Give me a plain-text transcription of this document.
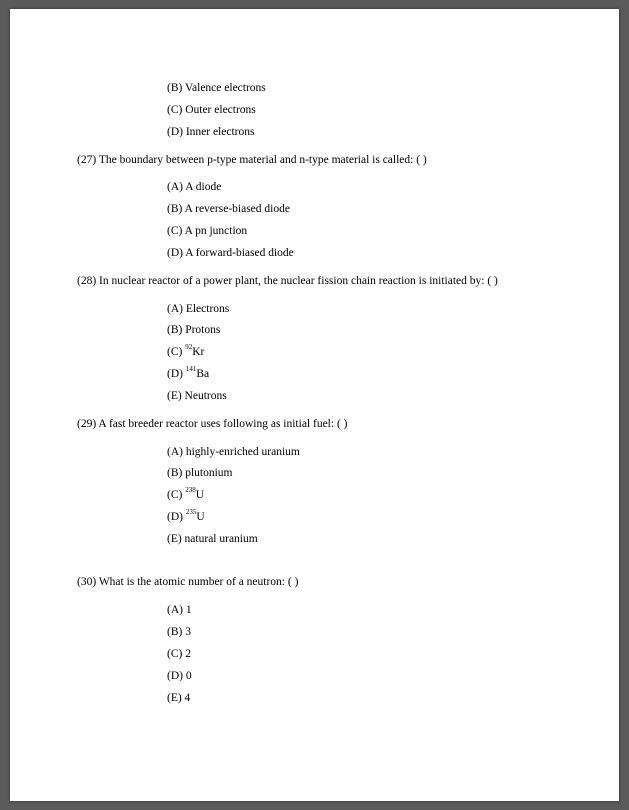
(B) Valence electrons
(C) Outer electrons
(D) Inner electrons
(27) The boundary between p-type material and n-type material is called: ( )
(A) A diode
(B) A reverse-biased diode
(C) A pn junction
(D) A forward-biased diode
(28) In nuclear reactor of a power plant, the nuclear fission chain reaction is initiated by: ( )
(A) Electrons
(B) Protons
(C) $^{92}$Kr
(D) $^{141}$Ba
(E) Neutrons
(29) A fast breeder reactor uses following as initial fuel: ( )
(A) highly-enriched uranium
(B) plutonium
(C) $^{238}$U
(D) $^{235}$U
(E) natural uranium
(30) What is the atomic number of a neutron: ( )
(A) 1
(B) 3
(C) 2
(D) 0
(E) 4
